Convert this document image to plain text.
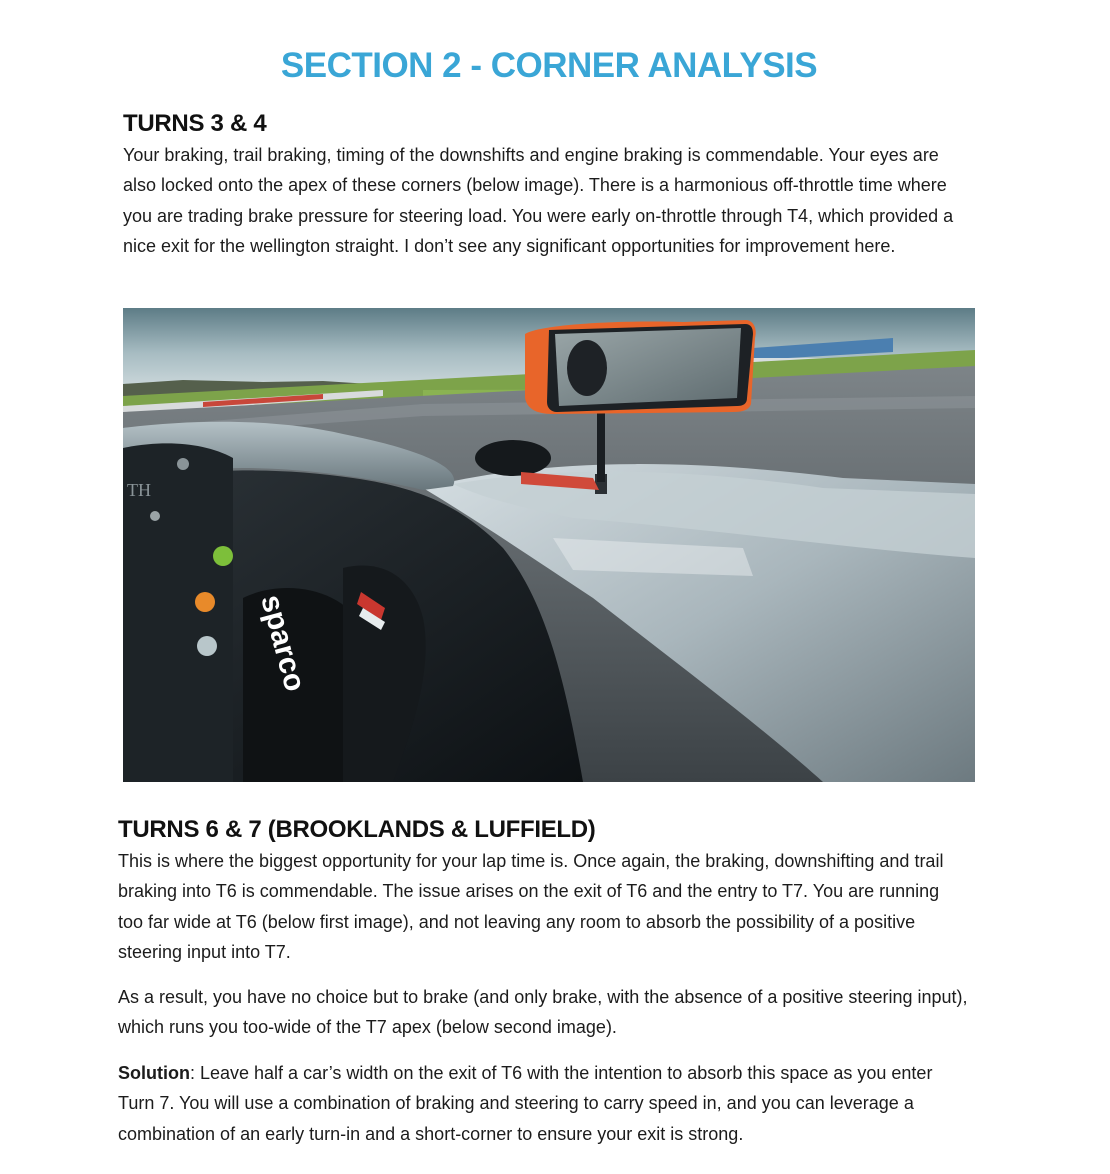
SECTION 2 - CORNER ANALYSIS
TURNS 3 & 4

Your braking, trail braking, timing of the downshifts and engine braking is commendable. Your eyes are also locked onto the apex of these corners (below image). There is a harmonious off-throttle time where you are trading brake pressure for steering load. You were early on-throttle through T4, which provided a nice exit for the wellington straight. I don’t see any significant opportunities for improvement here.

TH
sparco
TURNS 6 & 7 (BROOKLANDS & LUFFIELD)

This is where the biggest opportunity for your lap time is. Once again, the braking, downshifting and trail braking into T6 is commendable. The issue arises on the exit of T6 and the entry to T7. You are running too far wide at T6 (below first image), and not leaving any room to absorb the possibility of a positive steering input into T7.

As a result, you have no choice but to brake (and only brake, with the absence of a positive steering input), which runs you too-wide of the T7 apex (below second image).

Solution: Leave half a car’s width on the exit of T6 with the intention to absorb this space as you enter Turn 7. You will use a combination of braking and steering to carry speed in, and you can leverage a combination of an early turn-in and a short-corner to ensure your exit is strong.
